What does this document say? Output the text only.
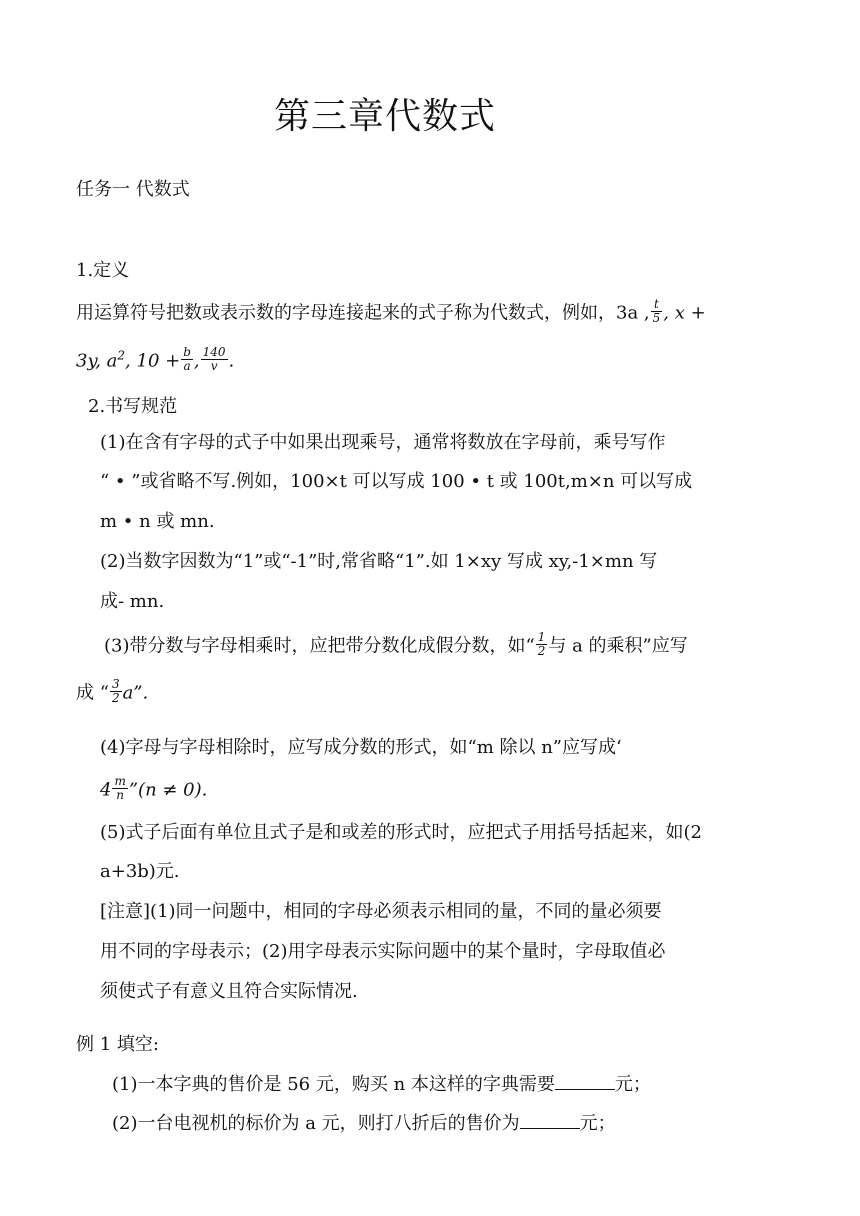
第三章代数式
任务一 代数式
1.定义
用运算符号把数或表示数的字母连接起来的式子称为代数式，例如，3a , $\frac{t}{5}$ , x +
3y, $a^2$, $10 + \frac{b}{a}$ , $\frac{140}{v}$ .
2.书写规范
(1)在含有字母的式子中如果出现乘号，通常将数放在字母前，乘号写作
“ • ”或省略不写.例如，100×t 可以写成 100 • t 或 100t,m×n 可以写成
m • n 或 mn.
(2)当数字因数为“1”或“-1”时,常省略“1”.如 1×xy 写成 xy,-1×mn 写
成- mn.
(3)带分数与字母相乘时，应把带分数化成假分数，如“ $\frac{1}{2}$ 与 a 的乘积”应写
成 “ $\frac{3}{2} a$”.
(4)字母与字母相除时，应写成分数的形式，如“m 除以 n”应写成‘
$4 \frac{m}{n}$ ”(n ≠ 0).
(5)式子后面有单位且式子是和或差的形式时，应把式子用括号括起来，如(2
a+3b)元.
[注意](1)同一问题中，相同的字母必须表示相同的量，不同的量必须要
用不同的字母表示；(2)用字母表示实际问题中的某个量时，字母取值必
须使式子有意义且符合实际情况.
例 1 填空:
(1)一本字典的售价是 56 元，购买 n 本这样的字典需要	元；
(2)一台电视机的标价为 a 元，则打八折后的售价为	元；
